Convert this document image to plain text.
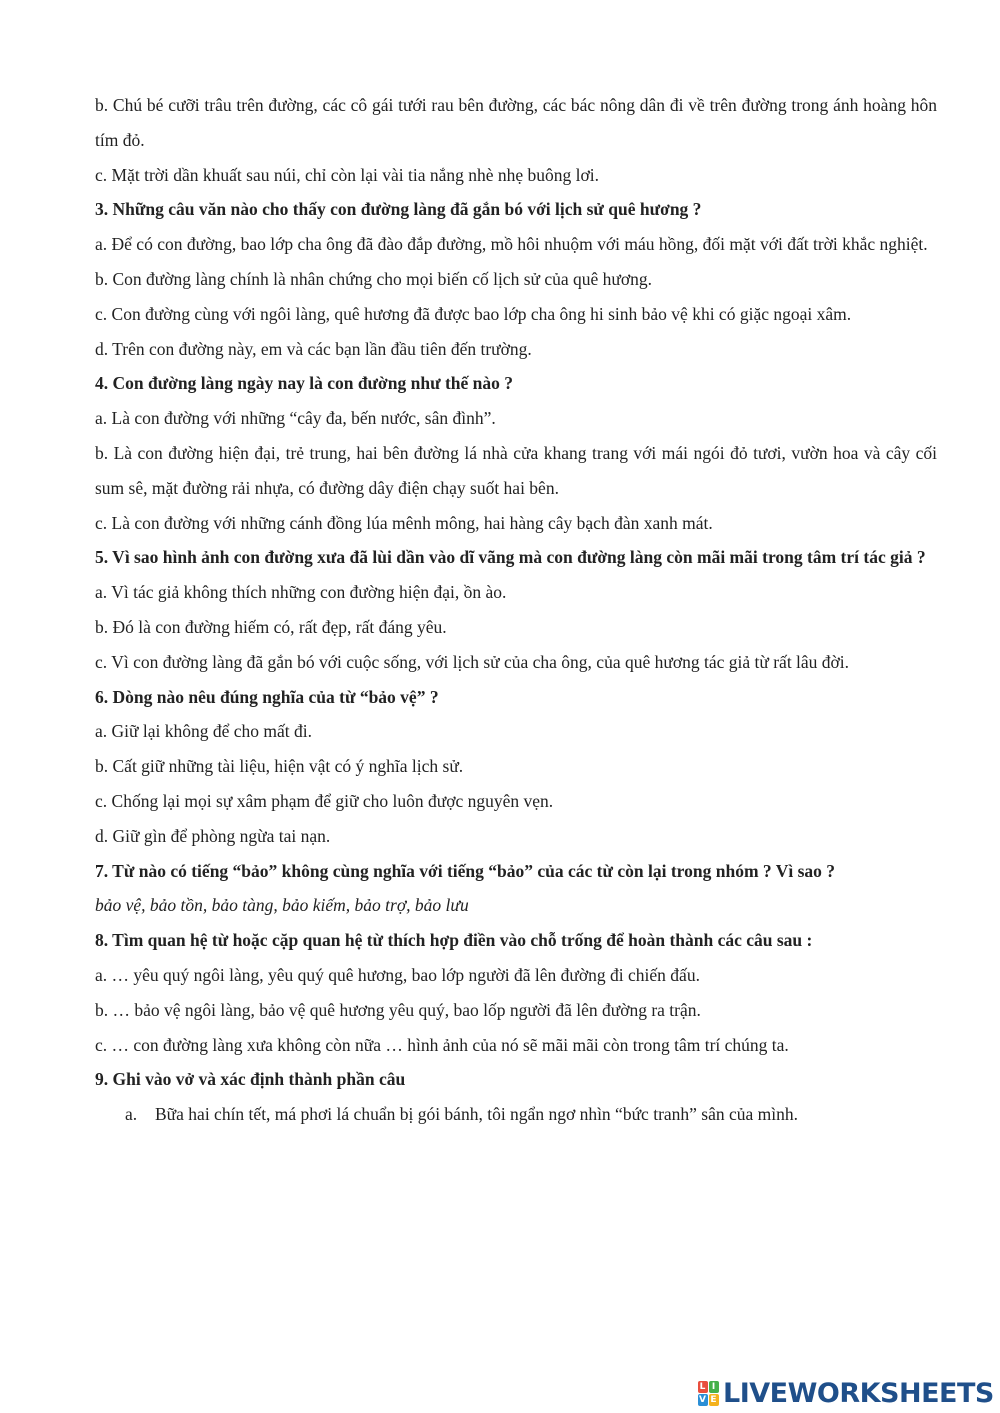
b. Chú bé cưỡi trâu trên đường, các cô gái tưới rau bên đường, các bác nông dân đi về trên đường trong ánh hoàng hôn tím đỏ.
c. Mặt trời dần khuất sau núi, chỉ còn lại vài tia nắng nhè nhẹ buông lơi.
3. Những câu văn nào cho thấy con đường làng đã gắn bó với lịch sử quê hương ?
a. Để có con đường, bao lớp cha ông đã đào đắp đường, mồ hôi nhuộm với máu hồng, đối mặt với đất trời khắc nghiệt.
b. Con đường làng chính là nhân chứng cho mọi biến cố lịch sử của quê hương.
c. Con đường cùng với ngôi làng, quê hương đã được bao lớp cha ông hi sinh bảo vệ khi có giặc ngoại xâm.
d. Trên con đường này, em và các bạn lần đầu tiên đến trường.
4. Con đường làng ngày nay là con đường như thế nào ?
a. Là con đường với những “cây đa, bến nước, sân đình”.
b. Là con đường hiện đại, trẻ trung, hai bên đường lá nhà cửa khang trang với mái ngói đỏ tươi, vườn hoa và cây cối sum sê, mặt đường rải nhựa, có đường dây điện chạy suốt hai bên.
c. Là con đường với những cánh đồng lúa mênh mông, hai hàng cây bạch đàn xanh mát.
5. Vì sao hình ảnh con đường xưa đã lùi dần vào dĩ vãng mà con đường làng còn mãi mãi trong tâm trí tác giả ?
a. Vì tác giả không thích những con đường hiện đại, ồn ào.
b. Đó là con đường hiếm có, rất đẹp, rất đáng yêu.
c. Vì con đường làng đã gắn bó với cuộc sống, với lịch sử của cha ông, của quê hương tác giả từ rất lâu đời.
6. Dòng nào nêu đúng nghĩa của từ “bảo vệ” ?
a. Giữ lại không để cho mất đi.
b. Cất giữ những tài liệu, hiện vật có ý nghĩa lịch sử.
c. Chống lại mọi sự xâm phạm để giữ cho luôn được nguyên vẹn.
d. Giữ gìn để phòng ngừa tai nạn.
7. Từ nào có tiếng “bảo” không cùng nghĩa với tiếng “bảo” của các từ còn lại trong nhóm ? Vì sao ?
bảo vệ, bảo tồn, bảo tàng, bảo kiếm, bảo trợ, bảo lưu
8. Tìm quan hệ từ hoặc cặp quan hệ từ thích hợp điền vào chỗ trống để hoàn thành các câu sau :
a. … yêu quý ngôi làng, yêu quý quê hương, bao lớp người đã lên đường đi chiến đấu.
b. … bảo vệ ngôi làng, bảo vệ quê hương yêu quý, bao lốp người đã lên đường ra trận.
c. … con đường làng xưa không còn nữa … hình ảnh của nó sẽ mãi mãi còn trong tâm trí chúng ta.
9. Ghi vào vở và xác định thành phần câu
a. Bữa hai chín tết, má phơi lá chuẩn bị gói bánh, tôi ngẩn ngơ nhìn “bức tranh” sân của mình.
L I
V E LIVEWORKSHEETS
